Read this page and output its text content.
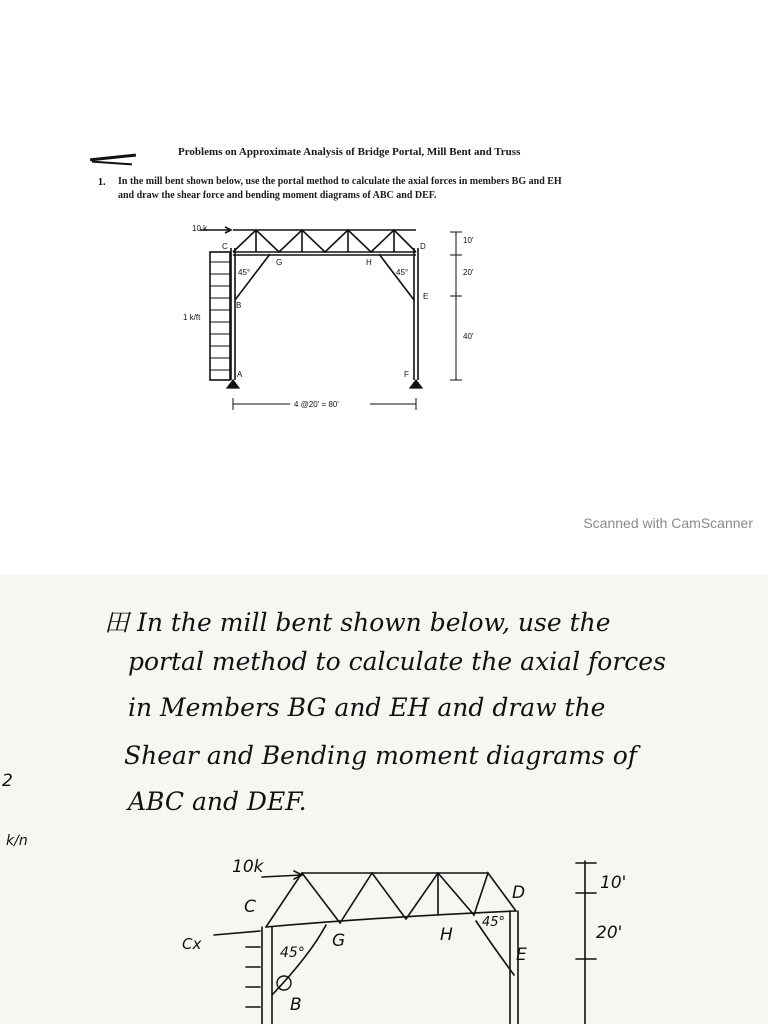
Problems on Approximate Analysis of Bridge Portal, Mill Bent and Truss
1. In the mill bent shown below, use the portal method to calculate the axial forces in members BG and EH
and draw the shear force and bending moment diagrams of ABC and DEF.
10 k
1 k/ft
C	D
G	H
B
E
A	F
45°	45°
10'
20'
40'
4 @20' = 80'
Scanned with CamScanner
田 In the mill bent shown below, use the
portal method to calculate the axial forces
in Members BG and EH and draw the
Shear and Bending moment diagrams of
ABC and DEF.
2
k/n
10k
C
Cx	45°
G	H
45°
D
E
B
10'
20'
